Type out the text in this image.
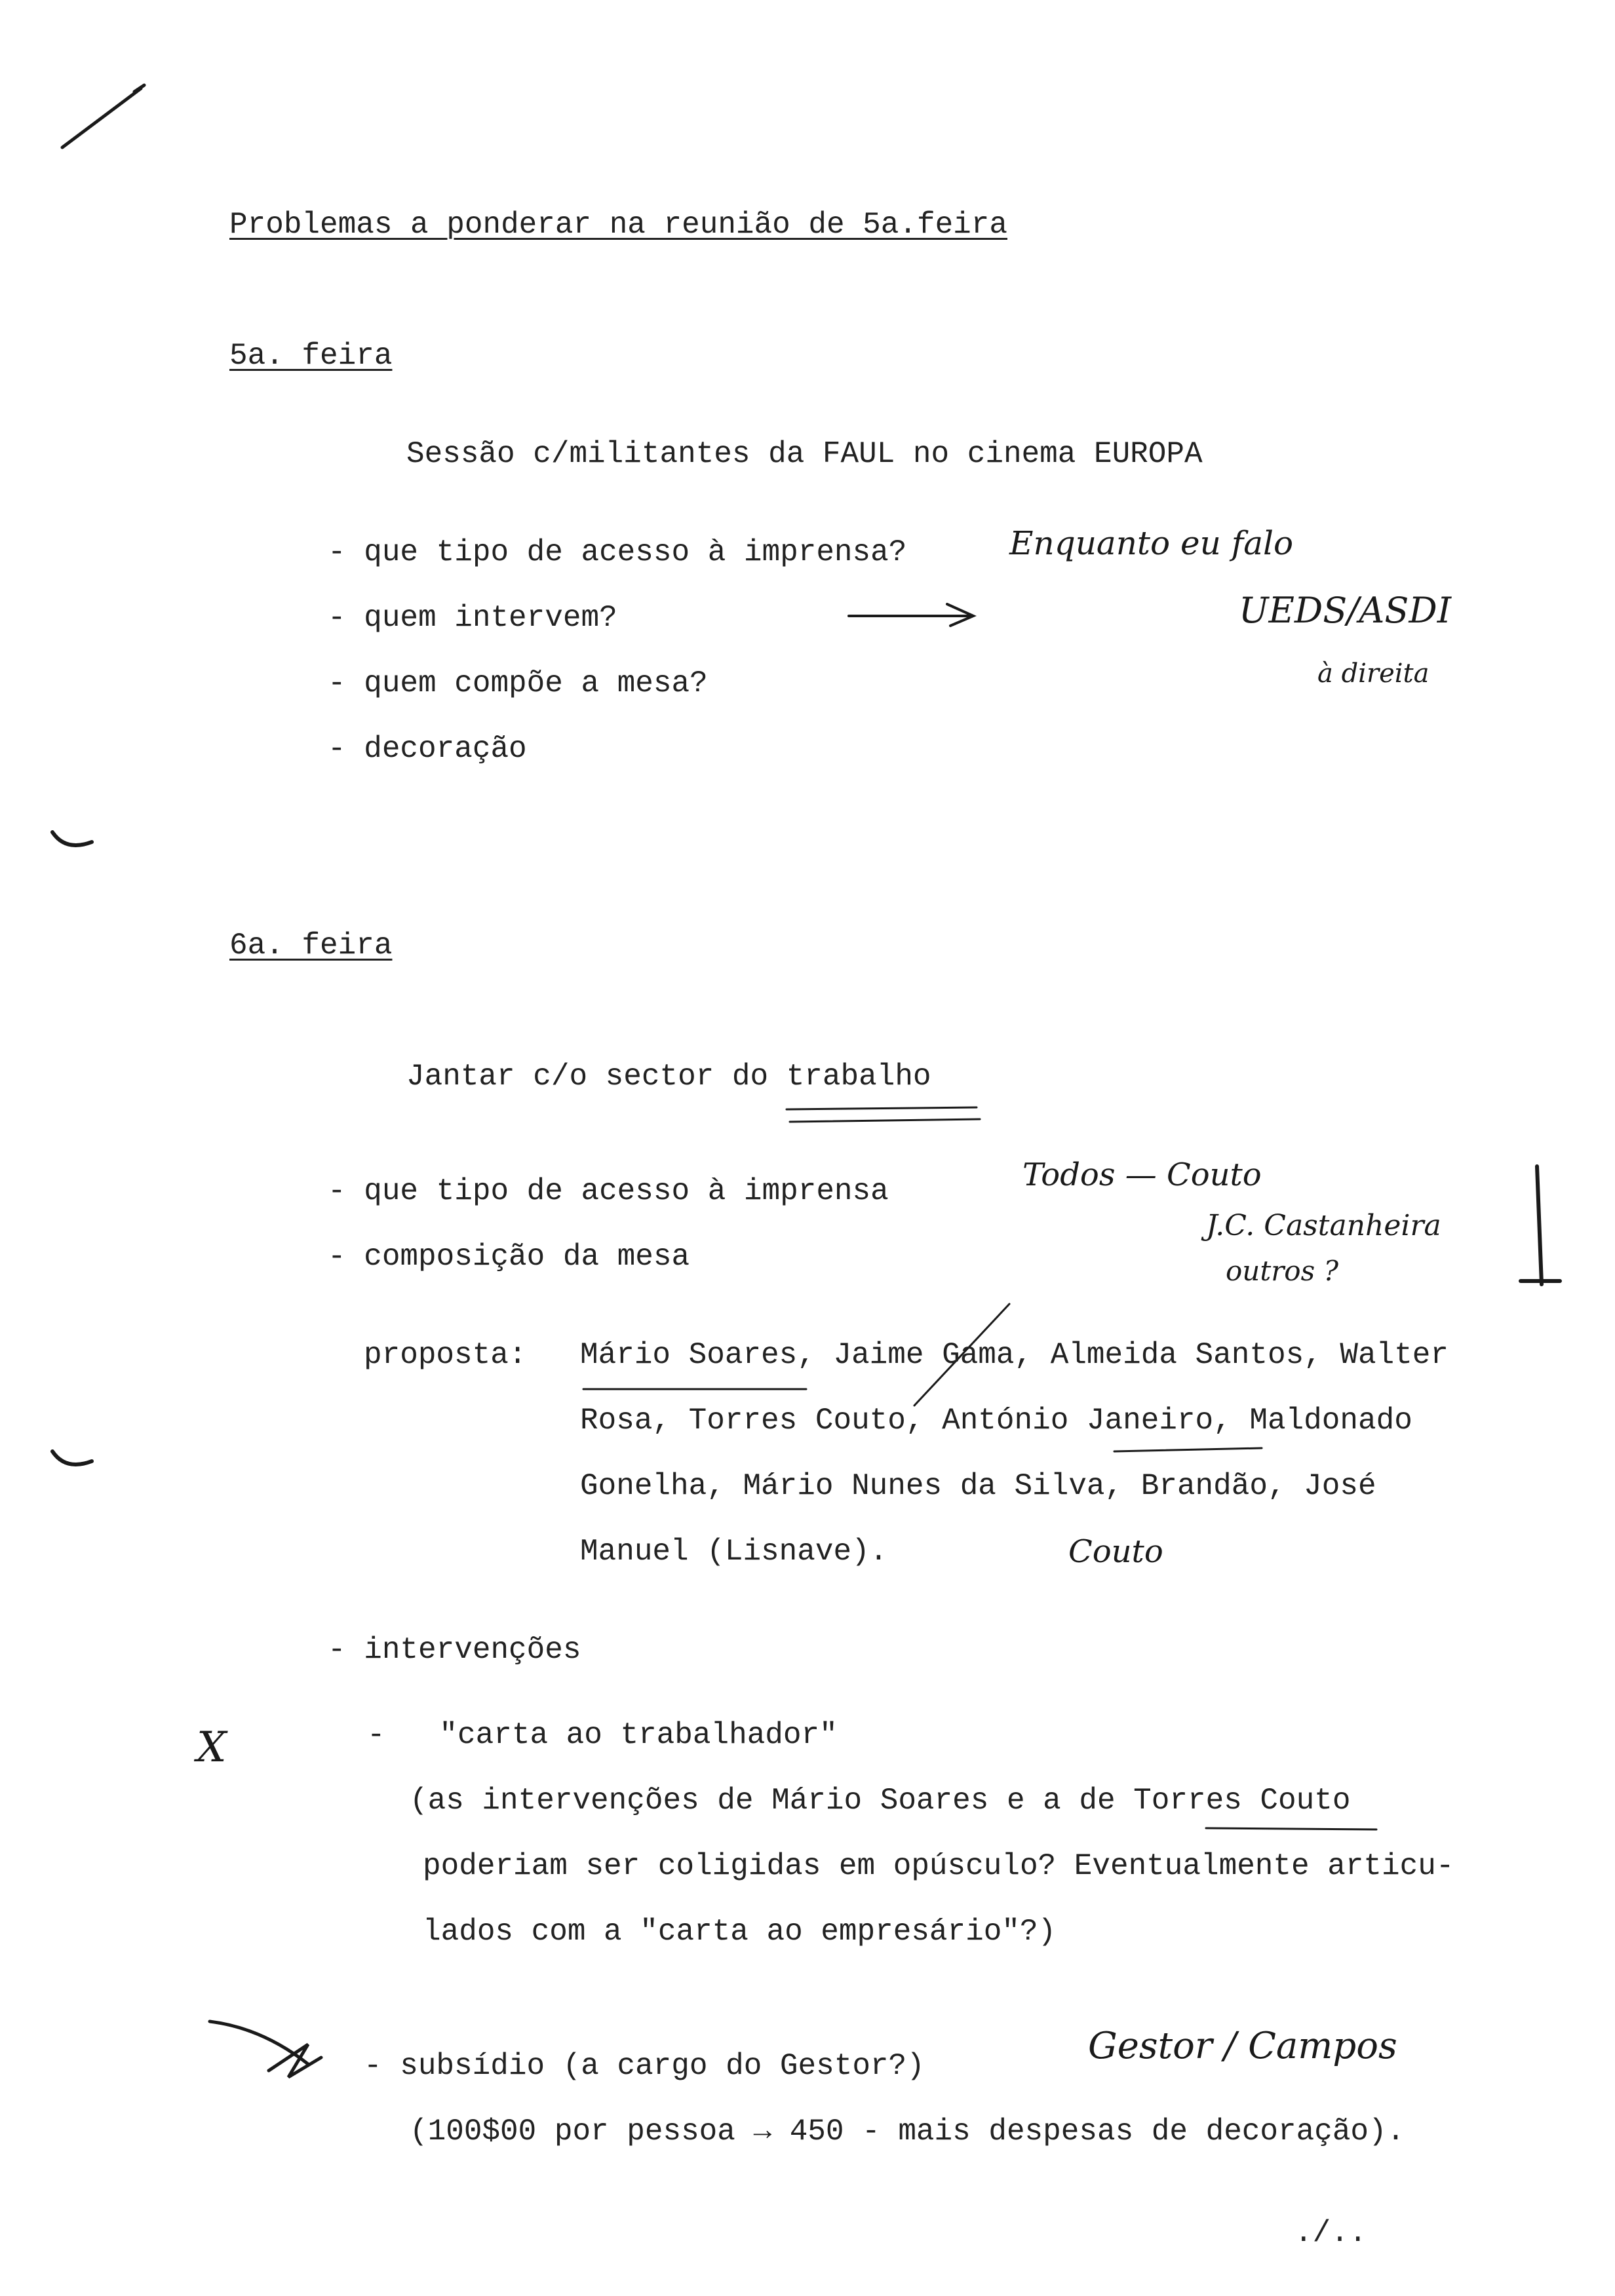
Problemas a ponderar na reunião de 5a.feira

5a. feira

Sessão c/militantes da FAUL no cinema EUROPA

- que tipo de acesso à imprensa?

- quem intervem?

- quem compõe a mesa?

- decoração

Enquanto eu falo
UEDS/ASDI
à direita

6a. feira

Jantar c/o sector do trabalho

- que tipo de acesso à imprensa

- composição da mesa

Todos — Couto
J.C. Castanheira
outros ?

proposta: Mário Soares, Jaime Gama, Almeida Santos, Walter

Rosa, Torres Couto, António Janeiro, Maldonado

Gonelha, Mário Nunes da Silva, Brandão, José

Manuel (Lisnave).	Couto

- intervenções

X	-   "carta ao trabalhador"

(as intervenções de Mário Soares e a de Torres Couto

poderiam ser coligidas em opúsculo? Eventualmente articu-

lados com a "carta ao empresário"?)

- subsídio (a cargo do Gestor?)	Gestor / Campos

(100$00 por pessoa → 450 - mais despesas de decoração).

./..
